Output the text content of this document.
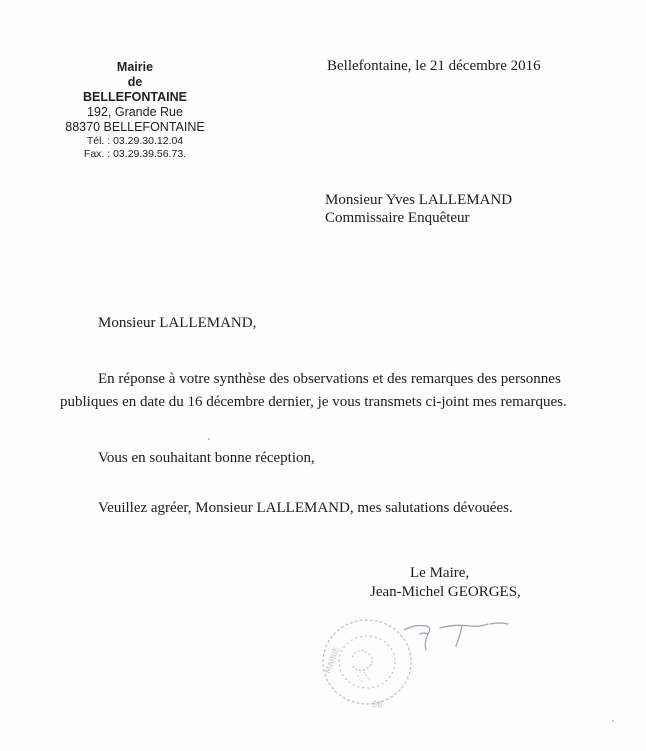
Mairie
de
BELLEFONTAINE
192, Grande Rue
88370 BELLEFONTAINE
Tél. : 03.29.30.12.04
Fax. : 03.29.39.56.73.
Bellefontaine, le 21 décembre 2016
Monsieur Yves LALLEMAND
Commissaire Enquêteur
Monsieur LALLEMAND,
En réponse à votre synthèse des observations et des remarques des personnes
publiques en date du 16 décembre dernier, je vous transmets ci-joint mes remarques.
Vous en souhaitant bonne réception,
Veuillez agréer, Monsieur LALLEMAND, mes salutations dévouées.
Le Maire,
Jean-Michel GEORGES,
MAIRIE
88
